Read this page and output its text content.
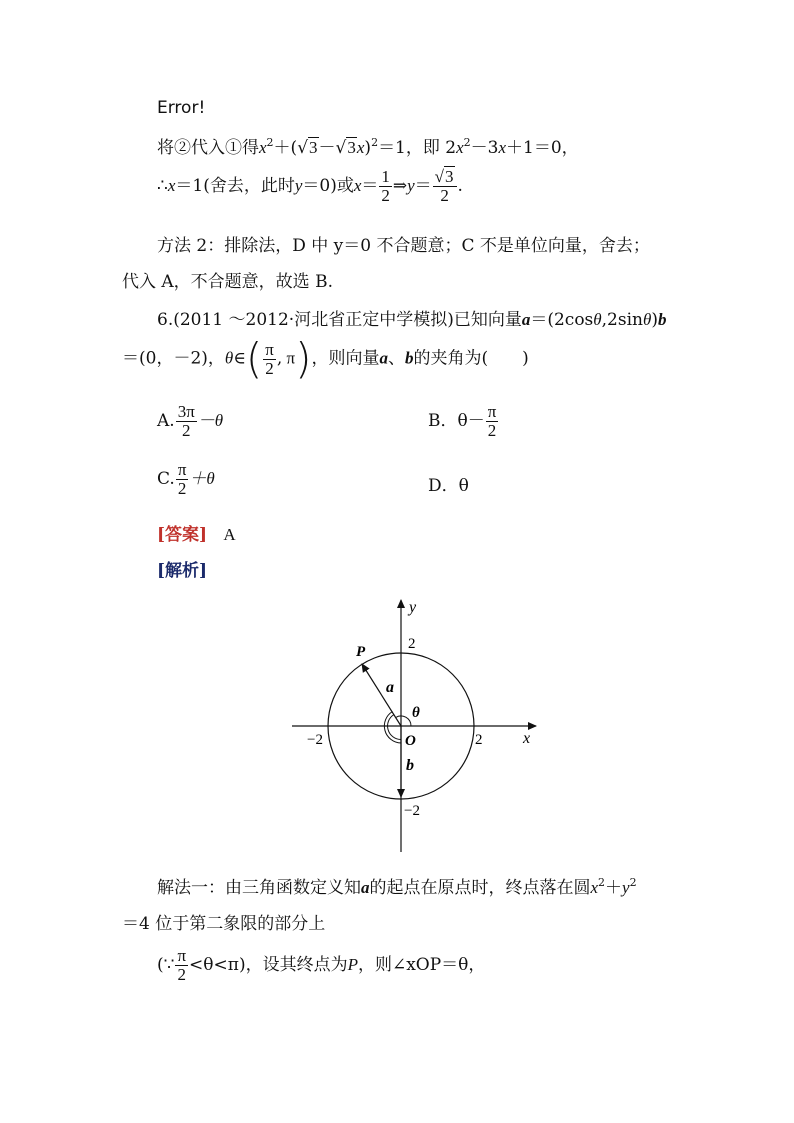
Error!
将②代入①得$x^2+(√3-√3x)^2=1$，即 $2x^2-3x+1=0$，
∴x＝1(舍去，此时y＝0)或$x= \frac{1}{2}$ ⇒y＝ $\frac{√3}{2}$ .
方法 2：排除法，D 中 y＝0 不合题意；C 不是单位向量，舍去；
代入 A，不合题意，故选 B.
6.(2011 ～2012·河北省正定中学模拟)已知向量a＝(2cosθ,2sinθ)b
＝(0，－2)，θ∈( $\frac{\pi}{2}$ , π)，则向量a、b的夹角为(　　)
A. $\frac{3\pi}{2} -\theta$	B．$\theta- \frac{\pi}{2}$
C. $\frac{\pi}{2} +\theta$	D．θ
[答案] A
[解析]
y
x
O
P
a
b
θ
2
2
−2
−2
解法一：由三角函数定义知a的起点在原点时，终点落在圆$x^2+y^2$
＝4 位于第二象限的部分上
(∵ $\frac{\pi}{2} <\theta<\pi$)，设其终点为P，则∠xOP＝θ，
